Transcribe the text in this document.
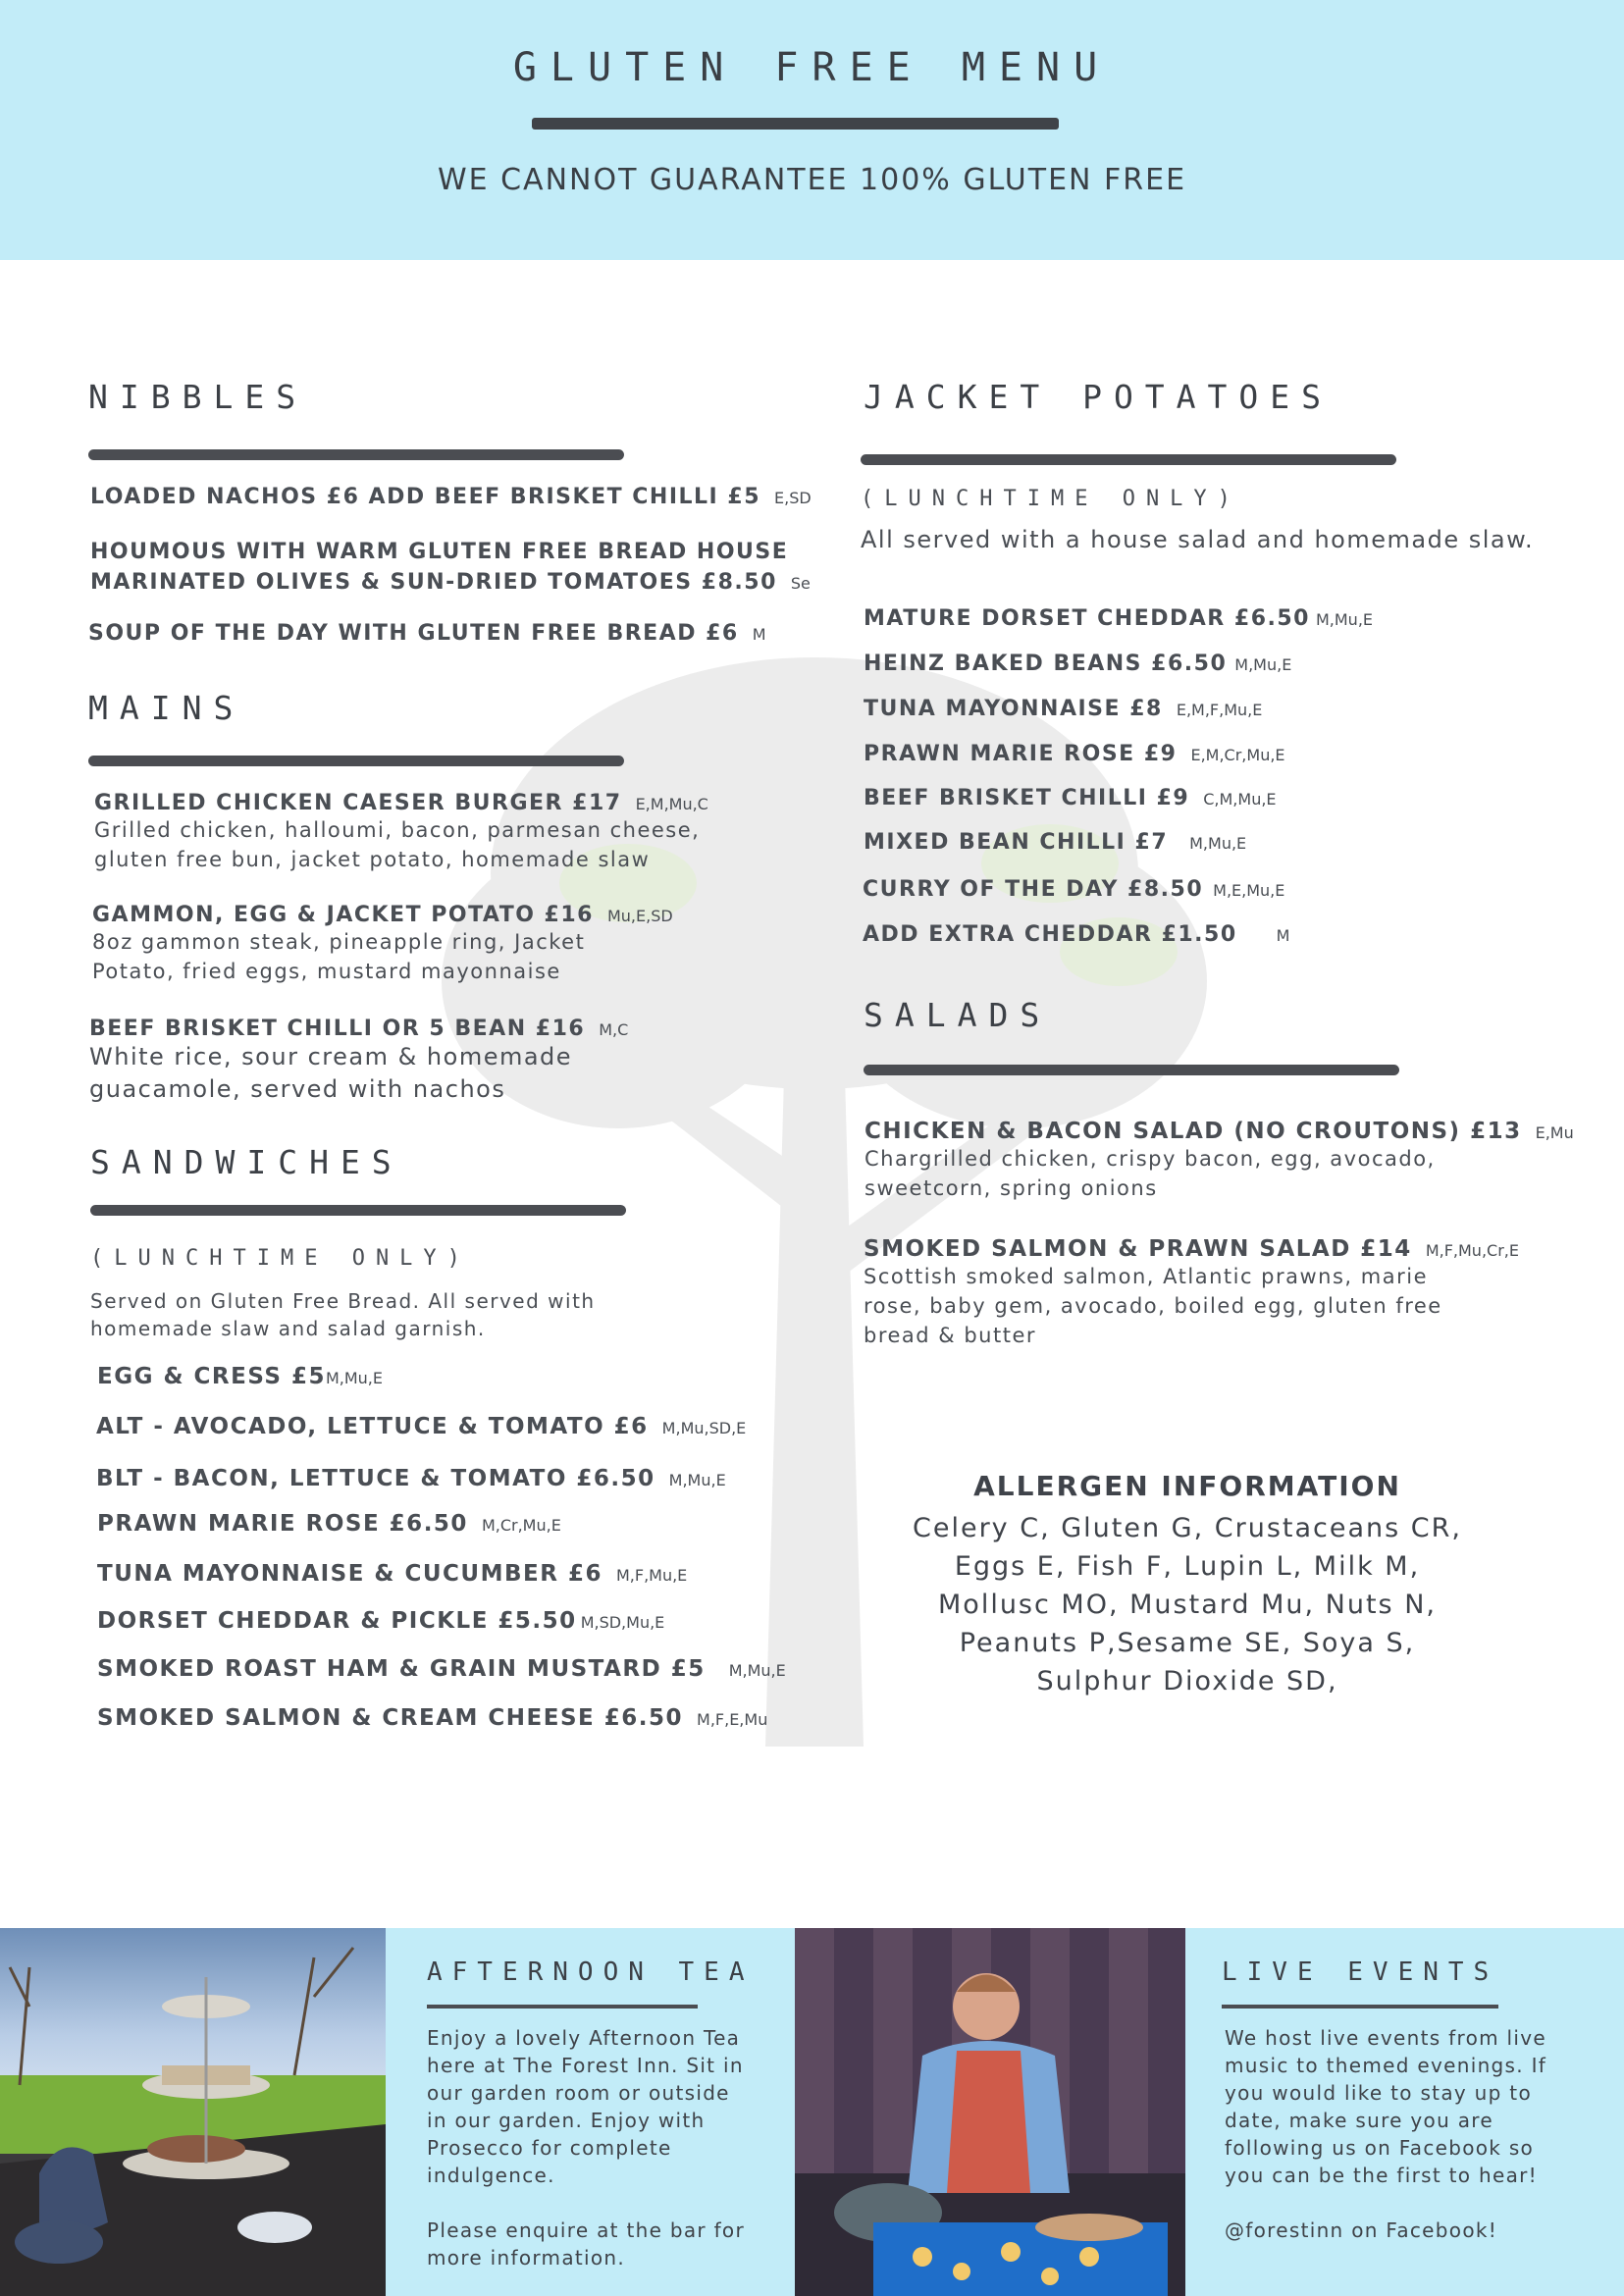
GLUTEN FREE MENU
WE CANNOT GUARANTEE 100% GLUTEN FREE
NIBBLES
LOADED NACHOS £6 ADD BEEF BRISKET CHILLI £5 E,SD
HOUMOUS WITH WARM GLUTEN FREE BREAD HOUSE
MARINATED OLIVES & SUN-DRIED TOMATOES £8.50 Se
SOUP OF THE DAY WITH GLUTEN FREE BREAD £6 M
MAINS
GRILLED CHICKEN CAESER BURGER £17 E,M,Mu,C
Grilled chicken, halloumi, bacon, parmesan cheese,
gluten free bun, jacket potato, homemade slaw
GAMMON, EGG & JACKET POTATO £16 Mu,E,SD
8oz gammon steak, pineapple ring, Jacket
Potato, fried eggs, mustard mayonnaise
BEEF BRISKET CHILLI OR 5 BEAN £16 M,C
White rice, sour cream & homemade
guacamole, served with nachos
SANDWICHES
(LUNCHTIME ONLY)
Served on Gluten Free Bread. All served with
homemade slaw and salad garnish.
EGG & CRESS £5M,Mu,E
ALT - AVOCADO, LETTUCE & TOMATO £6 M,Mu,SD,E
BLT - BACON, LETTUCE & TOMATO £6.50 M,Mu,E
PRAWN MARIE ROSE £6.50 M,Cr,Mu,E
TUNA MAYONNAISE & CUCUMBER £6 M,F,Mu,E
DORSET CHEDDAR & PICKLE £5.50 M,SD,Mu,E
SMOKED ROAST HAM & GRAIN MUSTARD £5 M,Mu,E
SMOKED SALMON & CREAM CHEESE £6.50 M,F,E,Mu
JACKET POTATOES
(LUNCHTIME ONLY)
All served with a house salad and homemade slaw.
MATURE DORSET CHEDDAR £6.50 M,Mu,E
HEINZ BAKED BEANS £6.50 M,Mu,E
TUNA MAYONNAISE £8 E,M,F,Mu,E
PRAWN MARIE ROSE £9 E,M,Cr,Mu,E
BEEF BRISKET CHILLI £9 C,M,Mu,E
MIXED BEAN CHILLI £7 M,Mu,E
CURRY OF THE DAY £8.50 M,E,Mu,E
ADD EXTRA CHEDDAR £1.50	M
SALADS
CHICKEN & BACON SALAD (NO CROUTONS) £13 E,Mu
Chargrilled chicken, crispy bacon, egg, avocado,
sweetcorn, spring onions
SMOKED SALMON & PRAWN SALAD £14 M,F,Mu,Cr,E
Scottish smoked salmon, Atlantic prawns, marie
rose, baby gem, avocado, boiled egg, gluten free
bread & butter
ALLERGEN INFORMATION
Celery C, Gluten G, Crustaceans CR,
Eggs E, Fish F, Lupin L, Milk M,
Mollusc MO, Mustard Mu, Nuts N,
Peanuts P,Sesame SE, Soya S,
Sulphur Dioxide SD,
AFTERNOON TEA
Enjoy a lovely Afternoon Tea
here at The Forest Inn. Sit in
our garden room or outside
in our garden. Enjoy with
Prosecco for complete
indulgence.
Please enquire at the bar for
more information.
LIVE EVENTS
We host live events from live
music to themed evenings. If
you would like to stay up to
date, make sure you are
following us on Facebook so
you can be the first to hear!
@forestinn on Facebook!
